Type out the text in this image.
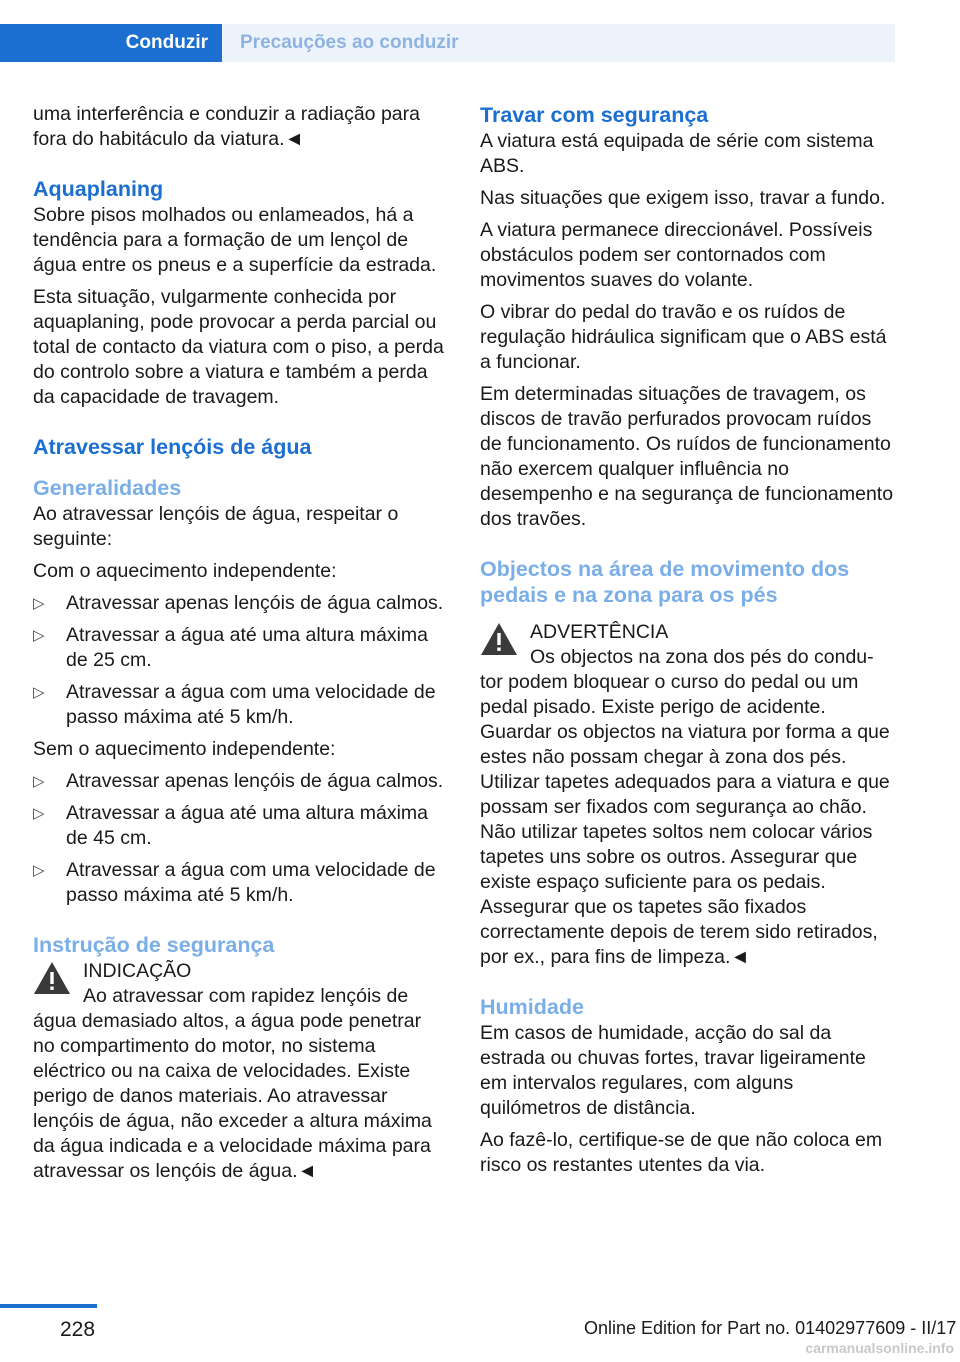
Conduzir	Precauções ao conduzir

uma interferência e conduzir a radiação para fora do habitáculo da viatura.◄

Aquaplaning

Sobre pisos molhados ou enlameados, há a tendência para a formação de um lençol de água entre os pneus e a superfície da estrada.

Esta situação, vulgarmente conhecida por aquaplaning, pode provocar a perda parcial ou total de contacto da viatura com o piso, a perda do controlo sobre a viatura e também a perda da capacidade de travagem.

Atravessar lençóis de água
Generalidades

Ao atravessar lençóis de água, respeitar o seguinte:

Com o aquecimento independente:

▷ Atravessar apenas lençóis de água calmos.
▷ Atravessar a água até uma altura máxima de 25 cm.
▷ Atravessar a água com uma velocidade de passo máxima até 5 km/h.

Sem o aquecimento independente:

▷ Atravessar apenas lençóis de água calmos.
▷ Atravessar a água até uma altura máxima de 45 cm.
▷ Atravessar a água com uma velocidade de passo máxima até 5 km/h.
Instrução de segurança

INDICAÇÃO

Ao atravessar com rapidez lençóis de

água demasiado altos, a água pode penetrar no compartimento do motor, no sistema eléctrico ou na caixa de velocidades. Existe perigo de danos materiais. Ao atravessar lençóis de água, não exceder a altura máxima da água indicada e a velocidade máxima para atravessar os lençóis de água.◄

Travar com segurança

A viatura está equipada de série com sistema ABS.

Nas situações que exigem isso, travar a fundo.

A viatura permanece direccionável. Possíveis obstáculos podem ser contornados com movimentos suaves do volante.

O vibrar do pedal do travão e os ruídos de regulação hidráulica significam que o ABS está a funcionar.

Em determinadas situações de travagem, os discos de travão perfurados provocam ruídos de funcionamento. Os ruídos de funcionamento não exercem qualquer influência no desempenho e na segurança de funcionamento dos travões.

Objectos na área de movimento dos pedais e na zona para os pés

ADVERTÊNCIA

Os objectos na zona dos pés do condu-

tor podem bloquear o curso do pedal ou um pedal pisado. Existe perigo de acidente. Guardar os objectos na viatura por forma a que estes não possam chegar à zona dos pés. Utilizar tapetes adequados para a viatura e que possam ser fixados com segurança ao chão. Não utilizar tapetes soltos nem colocar vários tapetes uns sobre os outros. Assegurar que existe espaço suficiente para os pedais. Assegurar que os tapetes são fixados correctamente depois de terem sido retirados, por ex., para fins de limpeza.◄

Humidade

Em casos de humidade, acção do sal da estrada ou chuvas fortes, travar ligeiramente em intervalos regulares, com alguns quilómetros de distância.

Ao fazê-lo, certifique-se de que não coloca em risco os restantes utentes da via.

228	Online Edition for Part no. 01402977609 - II/17
carmanualsonline.info
